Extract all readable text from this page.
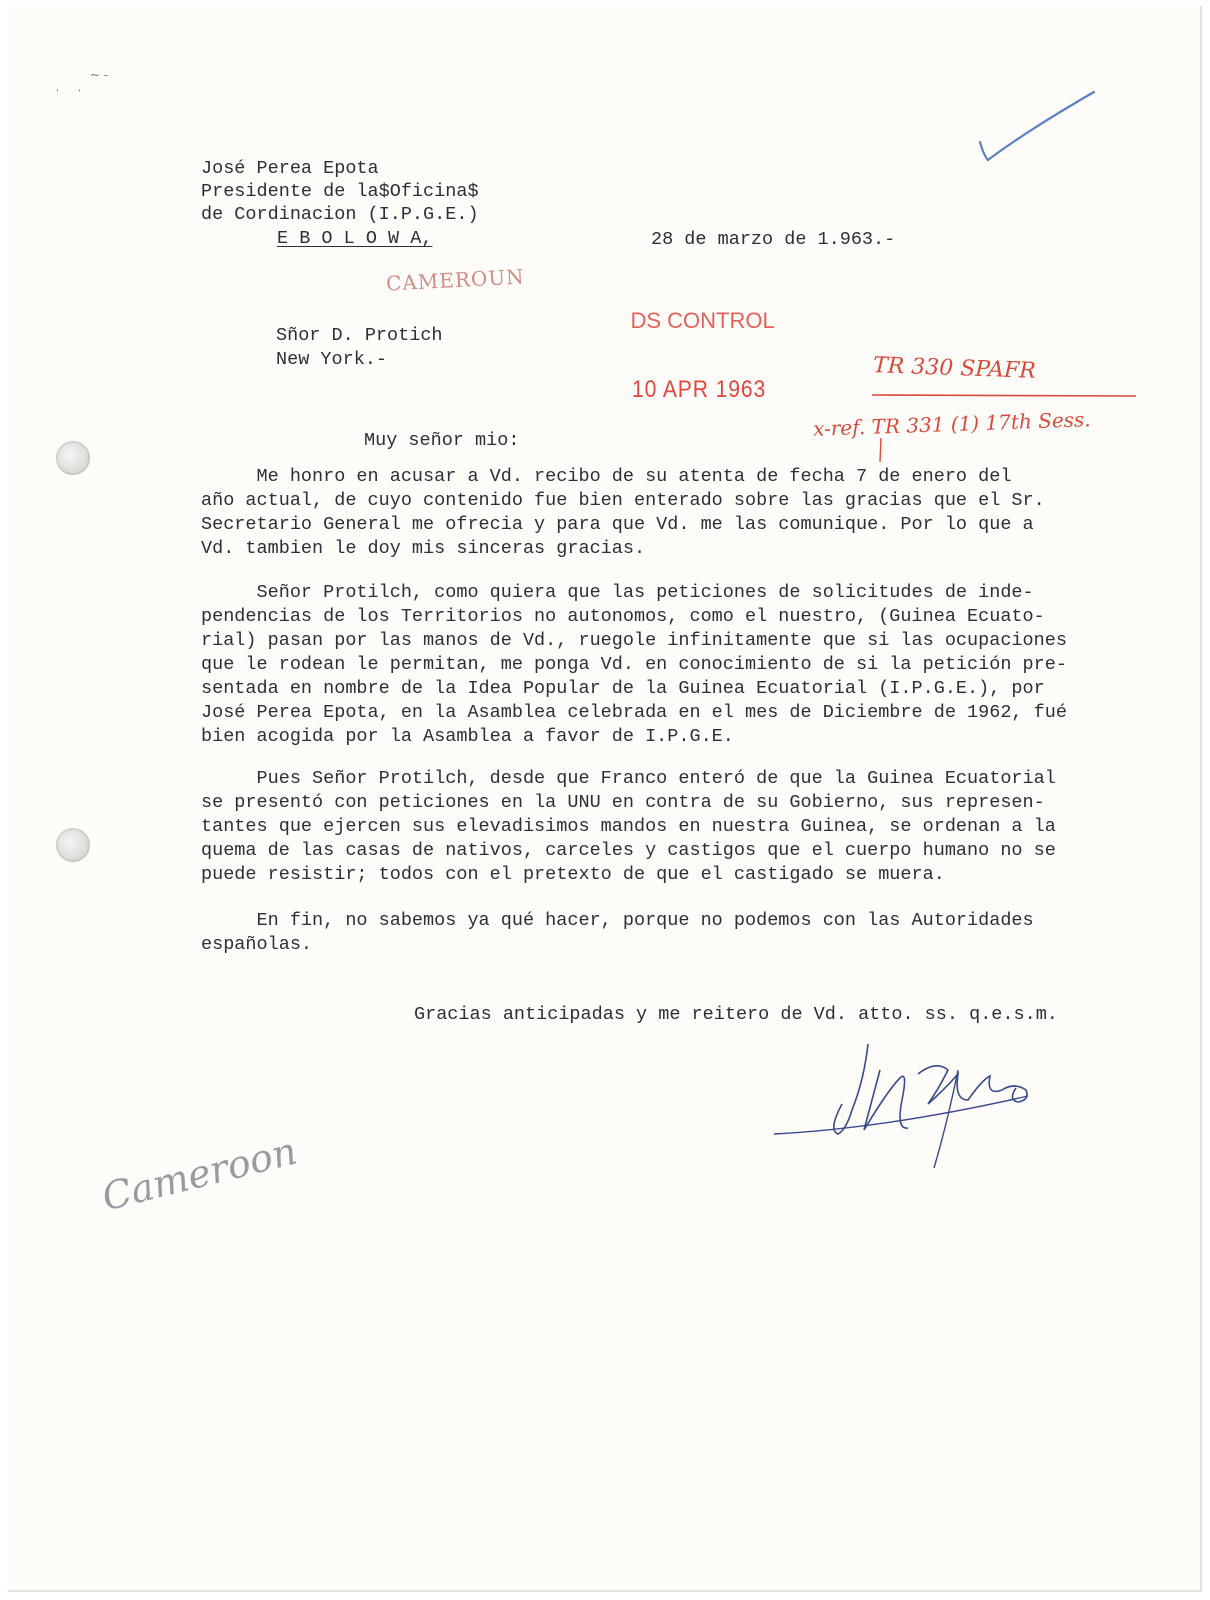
~ -
'      '
José Perea Epota
Presidente de la$Oficina$
de Cordinacion (I.P.G.E.)
E B O L O W A,	28 de marzo de 1.963.-
CAMEROUN
DS CONTROL
10 APR 1963
Sñor D. Protich
New York.-	TR 330 SPAFR
x-ref. TR 331 (1) 17th Sess.
Muy señor mio:
Me honro en acusar a Vd. recibo de su atenta de fecha 7 de enero del
año actual, de cuyo contenido fue bien enterado sobre las gracias que el Sr.
Secretario General me ofrecia y para que Vd. me las comunique. Por lo que a
Vd. tambien le doy mis sinceras gracias.
Señor Protilch, como quiera que las peticiones de solicitudes de inde-
pendencias de los Territorios no autonomos, como el nuestro, (Guinea Ecuato-
rial) pasan por las manos de Vd., ruegole infinitamente que si las ocupaciones
que le rodean le permitan, me ponga Vd. en conocimiento de si la petición pre-
sentada en nombre de la Idea Popular de la Guinea Ecuatorial (I.P.G.E.), por
José Perea Epota, en la Asamblea celebrada en el mes de Diciembre de 1962, fué
bien acogida por la Asamblea a favor de I.P.G.E.
Pues Señor Protilch, desde que Franco enteró de que la Guinea Ecuatorial
se presentó con peticiones en la UNU en contra de su Gobierno, sus represen-
tantes que ejercen sus elevadisimos mandos en nuestra Guinea, se ordenan a la
quema de las casas de nativos, carceles y castigos que el cuerpo humano no se
puede resistir; todos con el pretexto de que el castigado se muera.
En fin, no sabemos ya qué hacer, porque no podemos con las Autoridades
españolas.
Gracias anticipadas y me reitero de Vd. atto. ss. q.e.s.m.
Cameroon
